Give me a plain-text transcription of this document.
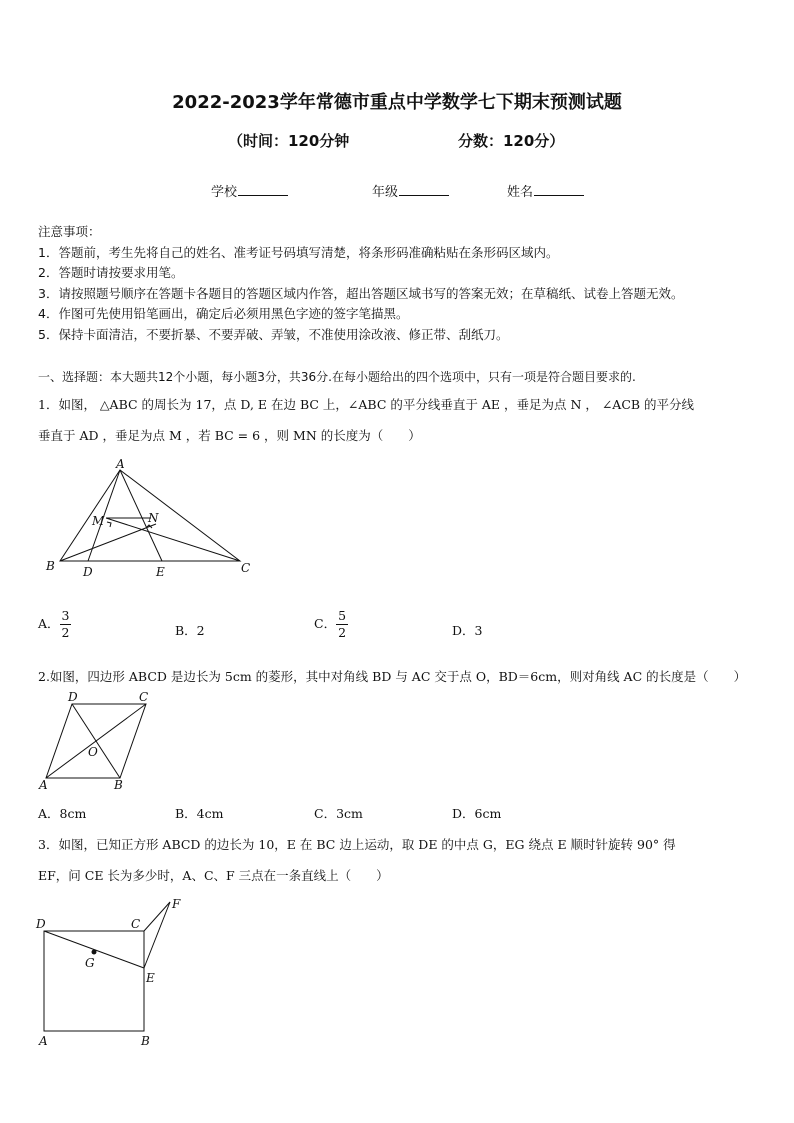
2022-2023学年常德市重点中学数学七下期末预测试题
（时间：120分钟	分数：120分）
学校	年级	姓名
注意事项：
1．答题前，考生先将自己的姓名、准考证号码填写清楚，将条形码准确粘贴在条形码区域内。
2．答题时请按要求用笔。
3．请按照题号顺序在答题卡各题目的答题区域内作答，超出答题区域书写的答案无效；在草稿纸、试卷上答题无效。
4．作图可先使用铅笔画出，确定后必须用黑色字迹的签字笔描黑。
5．保持卡面清洁，不要折暴、不要弄破、弄皱，不准使用涂改液、修正带、刮纸刀。
一、选择题：本大题共12个小题，每小题3分，共36分.在每小题给出的四个选项中，只有一项是符合题目要求的.
1．如图， △ABC 的周长为 17，点 D, E 在边 BC 上，∠ABC 的平分线垂直于 AE ，垂足为点 N ， ∠ACB 的平分线
垂直于 AD ，垂足为点 M ，若 BC = 6 ，则 MN 的长度为（　　）
A
B	C
D	E
M	N
A． $\frac{3}{2}$	B．2	C． $\frac{5}{2}$	D．3
2.如图，四边形 ABCD 是边长为 5cm 的菱形，其中对角线 BD 与 AC 交于点 O，BD＝6cm，则对角线 AC 的长度是（　　）
D	C
A	B
O
A．8cm	B．4cm	C．3cm	D．6cm
3．如图，已知正方形 ABCD 的边长为 10，E 在 BC 边上运动，取 DE 的中点 G，EG 绕点 E 顺时针旋转 90° 得
EF，问 CE 长为多少时，A、C、F 三点在一条直线上（　　）
D	C
F
G
E
A	B
